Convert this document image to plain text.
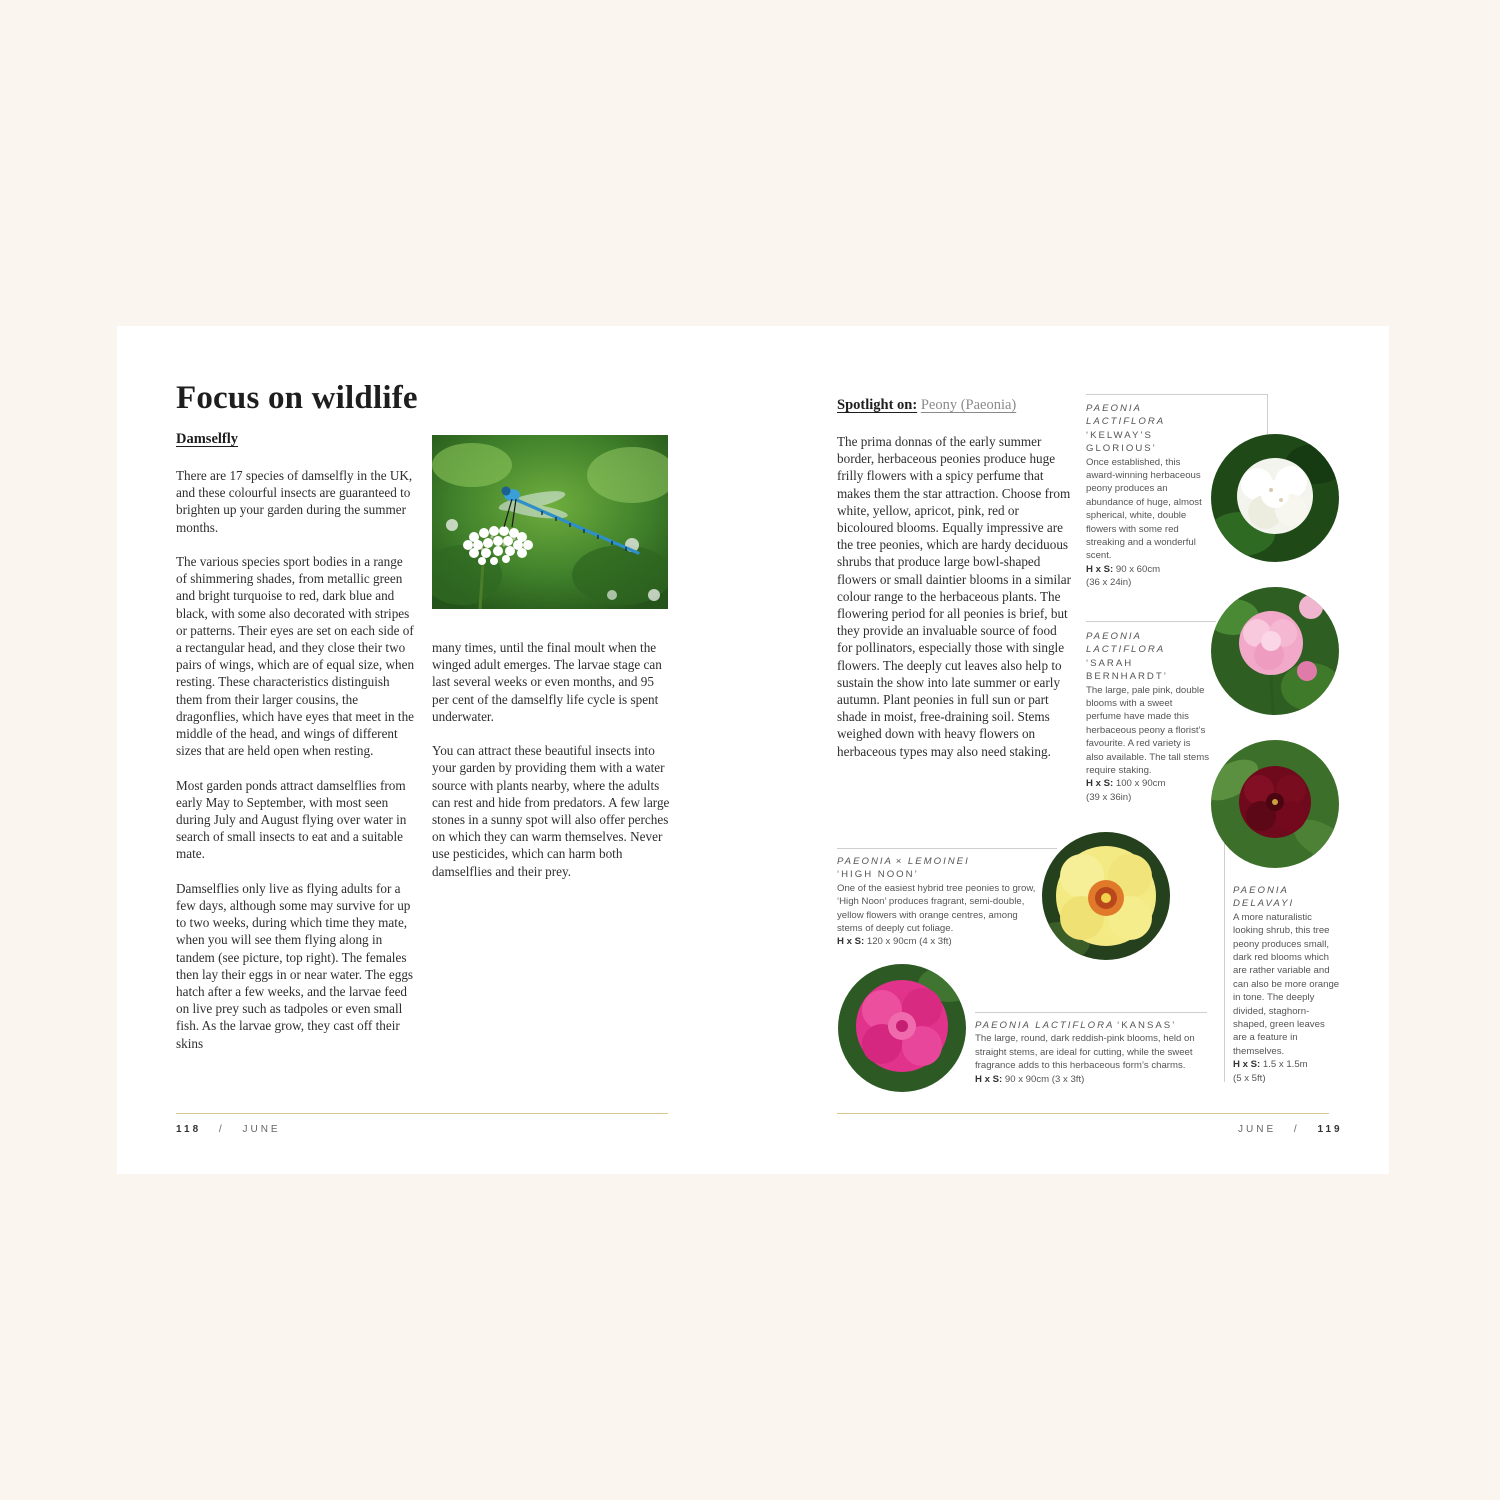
Focus on wildlife
Damselfly

There are 17 species of damselfly in the UK, and these colourful insects are guaranteed to brighten up your garden during the summer months.

The various species sport bodies in a range of shimmering shades, from metallic green and bright turquoise to red, dark blue and black, with some also decorated with stripes or patterns. Their eyes are set on each side of a rectangular head, and they close their two pairs of wings, which are of equal size, when resting. These characteristics distinguish them from their larger cousins, the dragonflies, which have eyes that meet in the middle of the head, and wings of different sizes that are held open when resting.

Most garden ponds attract damselflies from early May to September, with most seen during July and August flying over water in search of small insects to eat and a suitable mate.

Damselflies only live as flying adults for a few days, although some may survive for up to two weeks, during which time they mate, when you will see them flying along in tandem (see picture, top right). The females then lay their eggs in or near water. The eggs hatch after a few weeks, and the larvae feed on live prey such as tadpoles or even small fish. As the larvae grow, they cast off their skins

many times, until the final moult when the winged adult emerges. The larvae stage can last several weeks or even months, and 95 per cent of the damselfly life cycle is spent underwater.

You can attract these beautiful insects into your garden by providing them with a water source with plants nearby, where the adults can rest and hide from predators. A few large stones in a sunny spot will also offer perches on which they can warm themselves. Never use pesticides, which can harm both damselflies and their prey.

118 / JUNE
Spotlight on: Peony (Paeonia)

The prima donnas of the early summer border, herbaceous peonies produce huge frilly flowers with a spicy perfume that makes them the star attraction. Choose from white, yellow, apricot, pink, red or bicoloured blooms. Equally impressive are the tree peonies, which are hardy deciduous shrubs that produce large bowl-shaped flowers or small daintier blooms in a similar colour range to the herbaceous plants. The flowering period for all peonies is brief, but they provide an invaluable source of food for pollinators, especially those with single flowers. The deeply cut leaves also help to sustain the show into late summer or early autumn. Plant peonies in full sun or part shade in moist, free-draining soil. Stems weighed down with heavy flowers on herbaceous types may also need staking.

PAEONIA
LACTIFLORA
‘KELWAY’S GLORIOUS’
Once established, this award-winning herbaceous peony produces an abundance of huge, almost spherical, white, double flowers with some red streaking and a wonderful scent.
H x S: 90 x 60cm
(36 x 24in)
PAEONIA
LACTIFLORA ‘SARAH BERNHARDT’
The large, pale pink, double blooms with a sweet perfume have made this herbaceous peony a florist’s favourite. A red variety is also available. The tall stems require staking.
H x S: 100 x 90cm
(39 x 36in)
PAEONIA
DELAVAYI
A more naturalistic looking shrub, this tree peony produces small, dark red blooms which are rather variable and can also be more orange in tone. The deeply divided, staghorn-shaped, green leaves are a feature in themselves.
H x S: 1.5 x 1.5m
(5 x 5ft)
PAEONIA × LEMOINEI
‘HIGH NOON’
One of the easiest hybrid tree peonies to grow, ‘High Noon’ produces fragrant, semi-double, yellow flowers with orange centres, among stems of deeply cut foliage.
H x S: 120 x 90cm (4 x 3ft)
PAEONIA LACTIFLORA ‘KANSAS’
The large, round, dark reddish-pink blooms, held on straight stems, are ideal for cutting, while the sweet fragrance adds to this herbaceous form’s charms.
H x S: 90 x 90cm (3 x 3ft)
JUNE / 119
